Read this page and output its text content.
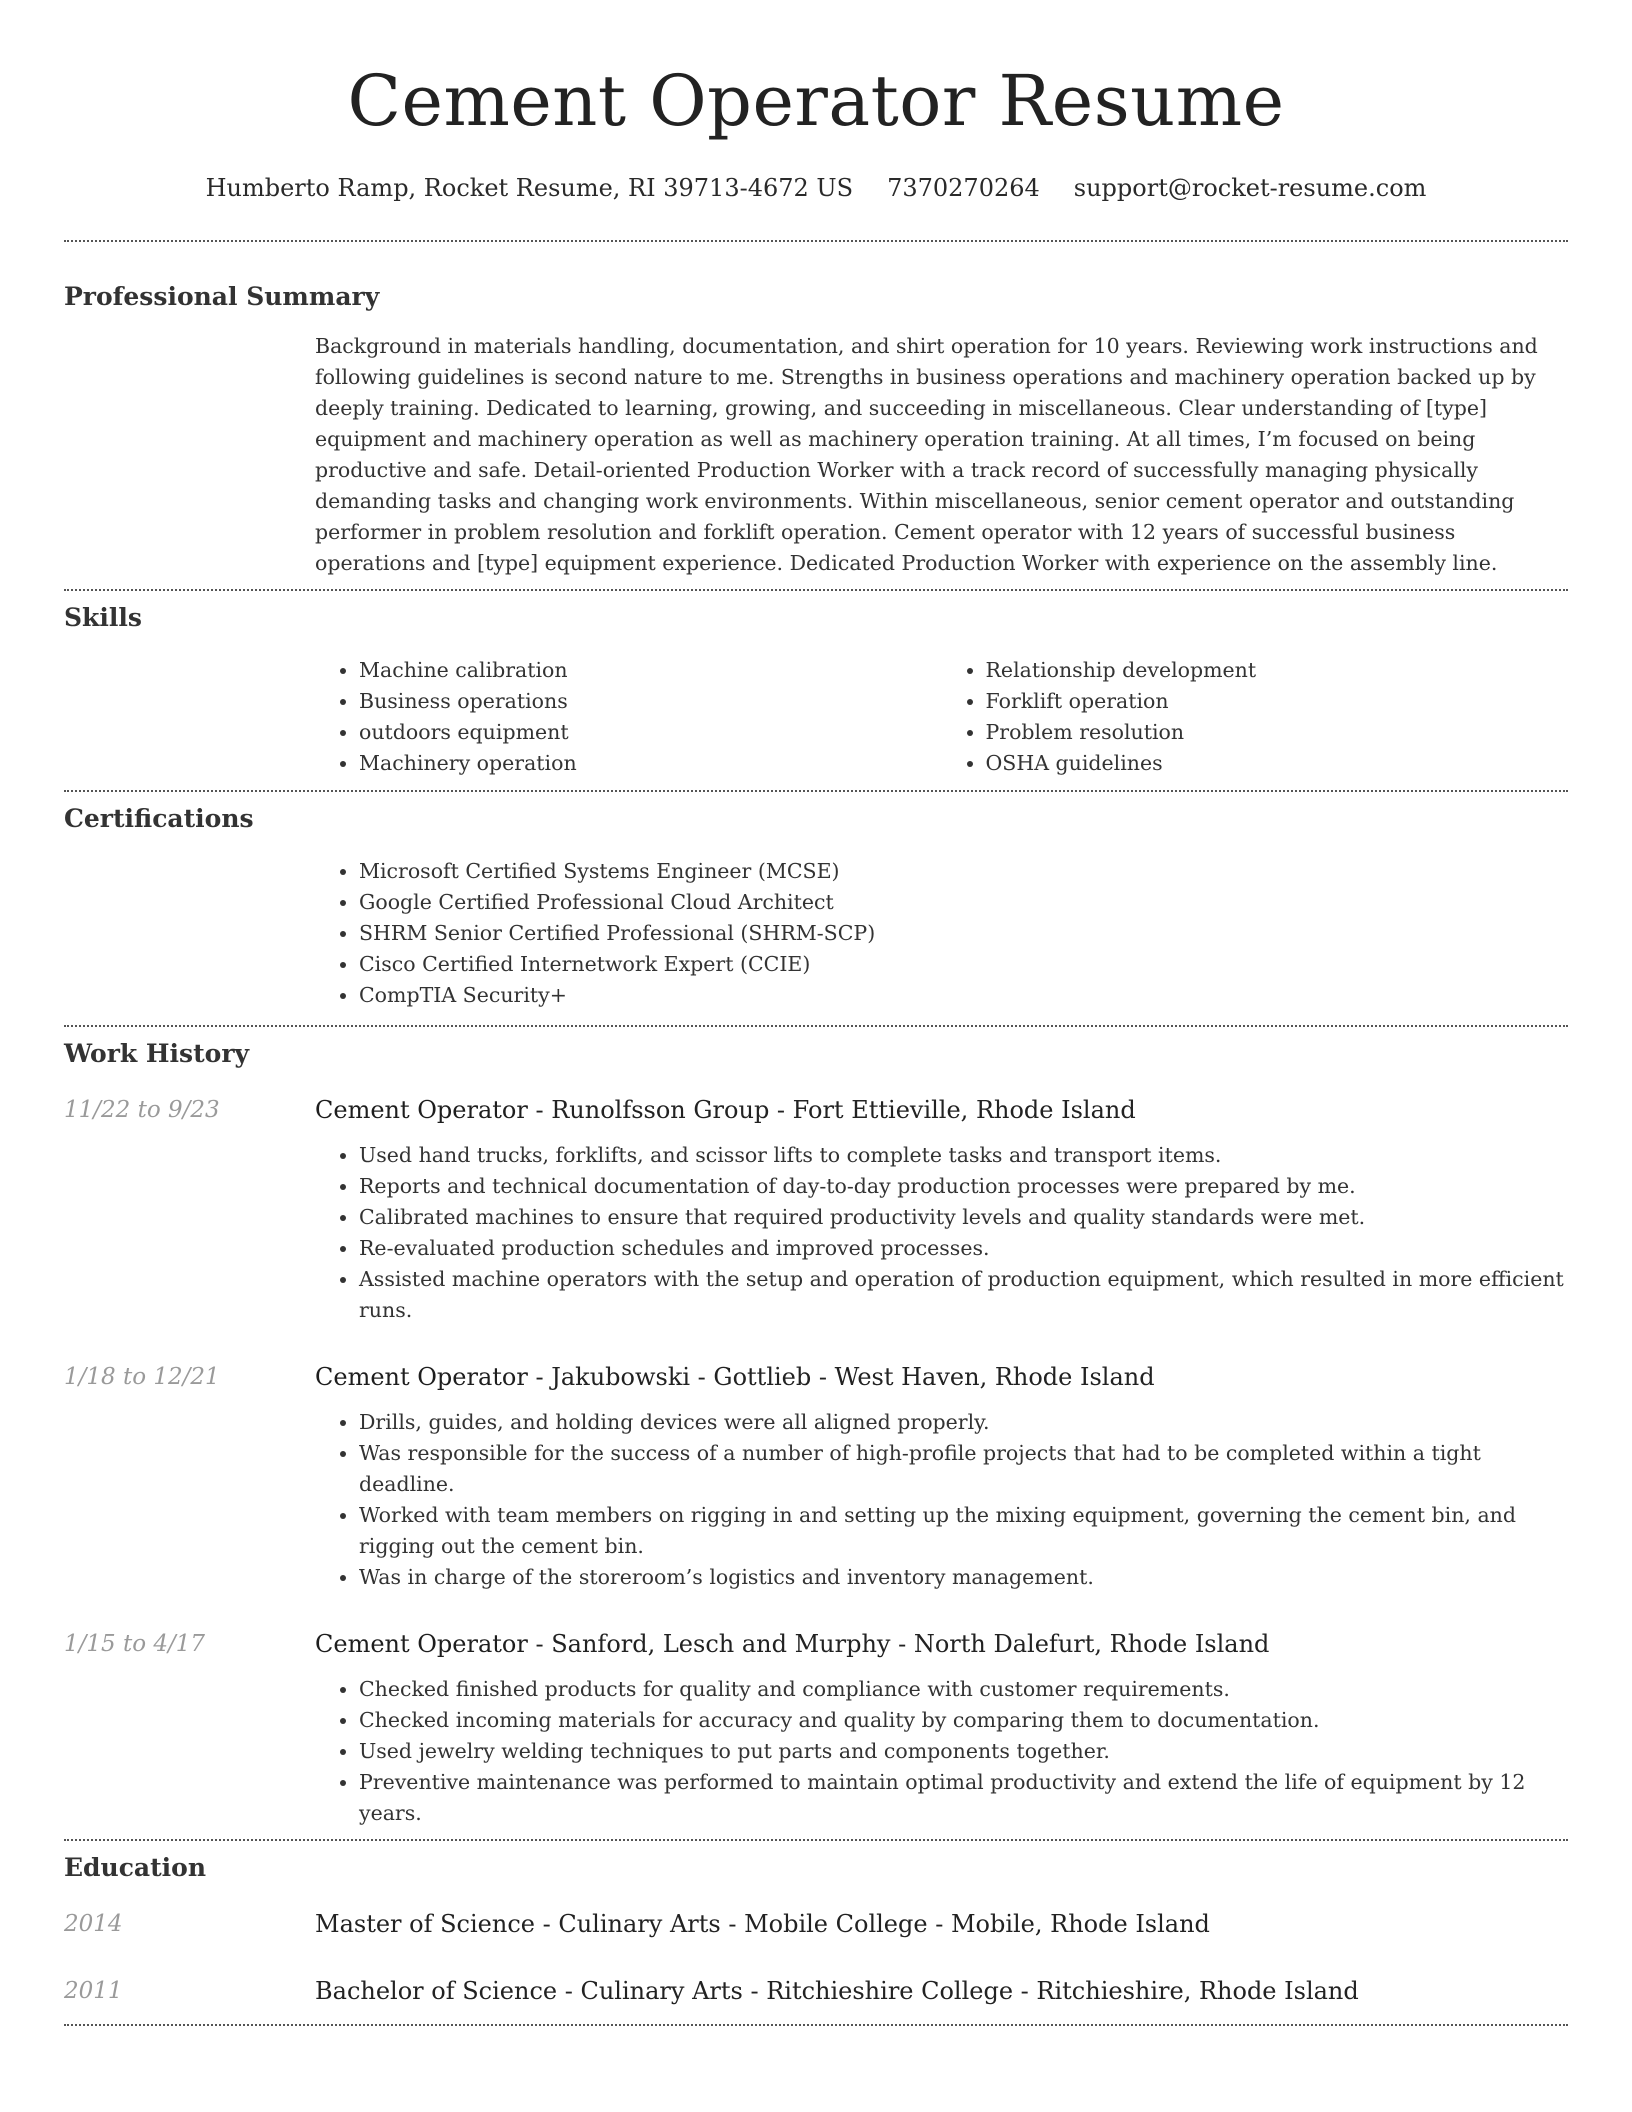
Cement Operator Resume
Humberto Ramp, Rocket Resume, RI 39713-4672 US 7370270264 support@rocket-resume.com
Professional Summary

Background in materials handling, documentation, and shirt operation for 10 years. Reviewing work instructions and following guidelines is second nature to me. Strengths in business operations and machinery operation backed up by deeply training. Dedicated to learning, growing, and succeeding in miscellaneous. Clear understanding of [type] equipment and machinery operation as well as machinery operation training. At all times, I’m focused on being productive and safe. Detail-oriented Production Worker with a track record of successfully managing physically demanding tasks and changing work environments. Within miscellaneous, senior cement operator and outstanding performer in problem resolution and forklift operation. Cement operator with 12 years of successful business operations and [type] equipment experience. Dedicated Production Worker with experience on the assembly line.

Skills
• Machine calibration
• Business operations
• outdoors equipment
• Machinery operation
• Relationship development
• Forklift operation
• Problem resolution
• OSHA guidelines
Certifications
• Microsoft Certified Systems Engineer (MCSE)
• Google Certified Professional Cloud Architect
• SHRM Senior Certified Professional (SHRM-SCP)
• Cisco Certified Internetwork Expert (CCIE)
• CompTIA Security+
Work History
11/22 to 9/23	Cement Operator - Runolfsson Group - Fort Ettieville, Rhode Island
• Used hand trucks, forklifts, and scissor lifts to complete tasks and transport items.
• Reports and technical documentation of day-to-day production processes were prepared by me.
• Calibrated machines to ensure that required productivity levels and quality standards were met.
• Re-evaluated production schedules and improved processes.
• Assisted machine operators with the setup and operation of production equipment, which resulted in more efficient runs.
1/18 to 12/21	Cement Operator - Jakubowski - Gottlieb - West Haven, Rhode Island
• Drills, guides, and holding devices were all aligned properly.
• Was responsible for the success of a number of high-profile projects that had to be completed within a tight deadline.
• Worked with team members on rigging in and setting up the mixing equipment, governing the cement bin, and rigging out the cement bin.
• Was in charge of the storeroom’s logistics and inventory management.
1/15 to 4/17	Cement Operator - Sanford, Lesch and Murphy - North Dalefurt, Rhode Island
• Checked finished products for quality and compliance with customer requirements.
• Checked incoming materials for accuracy and quality by comparing them to documentation.
• Used jewelry welding techniques to put parts and components together.
• Preventive maintenance was performed to maintain optimal productivity and extend the life of equipment by 12 years.
Education
2014	Master of Science - Culinary Arts - Mobile College - Mobile, Rhode Island
2011	Bachelor of Science - Culinary Arts - Ritchieshire College - Ritchieshire, Rhode Island
